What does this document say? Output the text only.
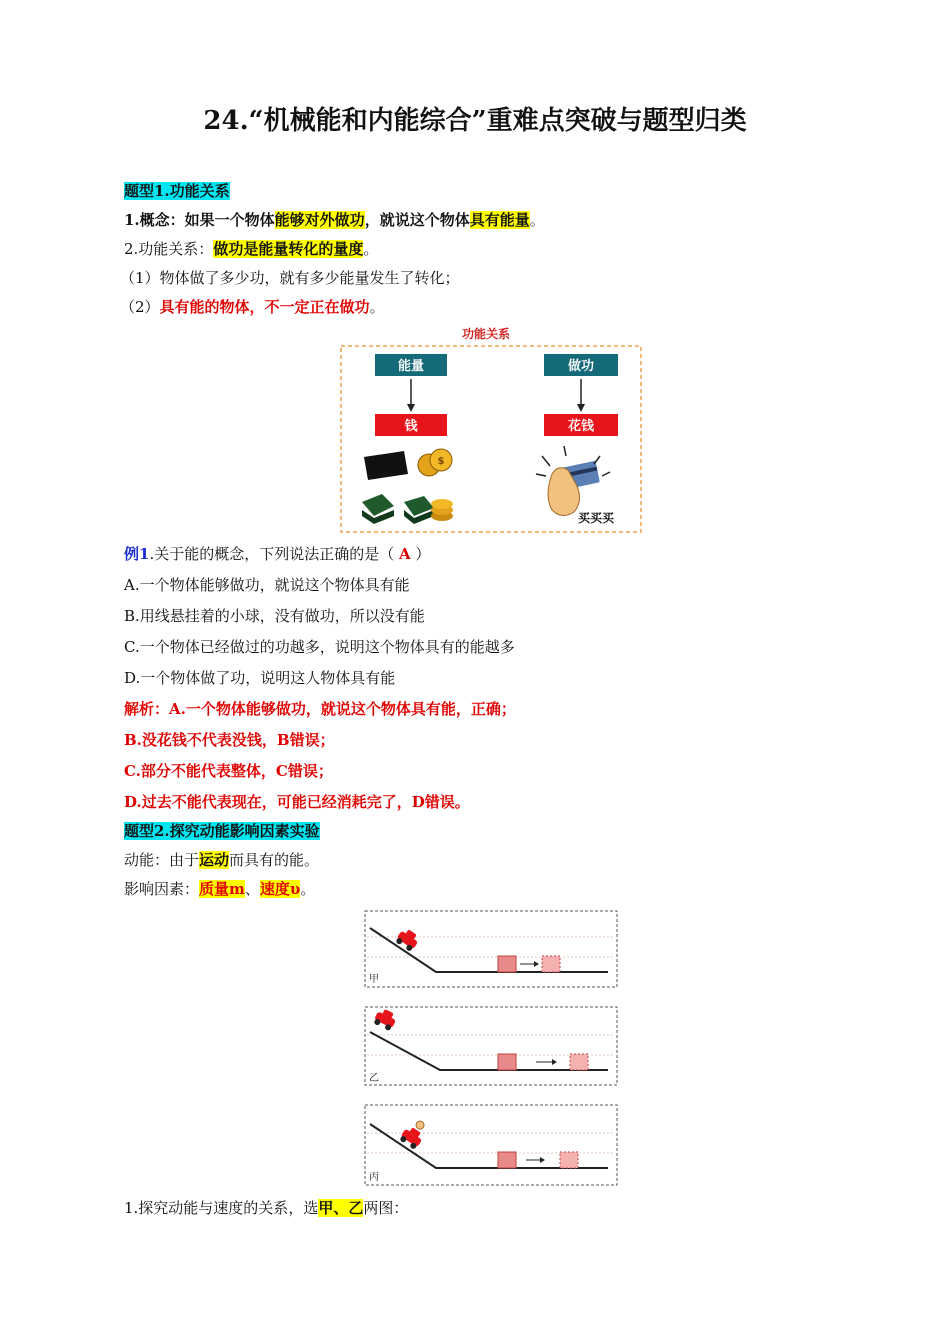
24.“机械能和内能综合”重难点突破与题型归类
题型1.功能关系
1.概念：如果一个物体能够对外做功，就说这个物体具有能量。
2.功能关系：做功是能量转化的量度。
（1）物体做了多少功，就有多少能量发生了转化；
（2）具有能的物体，不一定正在做功。
功能关系
能量
钱
做功
花钱
$
买买买
例1.关于能的概念，下列说法正确的是（ A ）
A.一个物体能够做功，就说这个物体具有能
B.用线悬挂着的小球，没有做功，所以没有能
C.一个物体已经做过的功越多，说明这个物体具有的能越多
D.一个物体做了功，说明这人物体具有能
解析：A.一个物体能够做功，就说这个物体具有能，正确；
B.没花钱不代表没钱，B错误；
C.部分不能代表整体，C错误；
D.过去不能代表现在，可能已经消耗完了，D错误。
题型2.探究动能影响因素实验
动能：由于运动而具有的能。
影响因素：质量m、速度υ。
甲
乙
丙
1.探究动能与速度的关系，选甲、乙两图：
